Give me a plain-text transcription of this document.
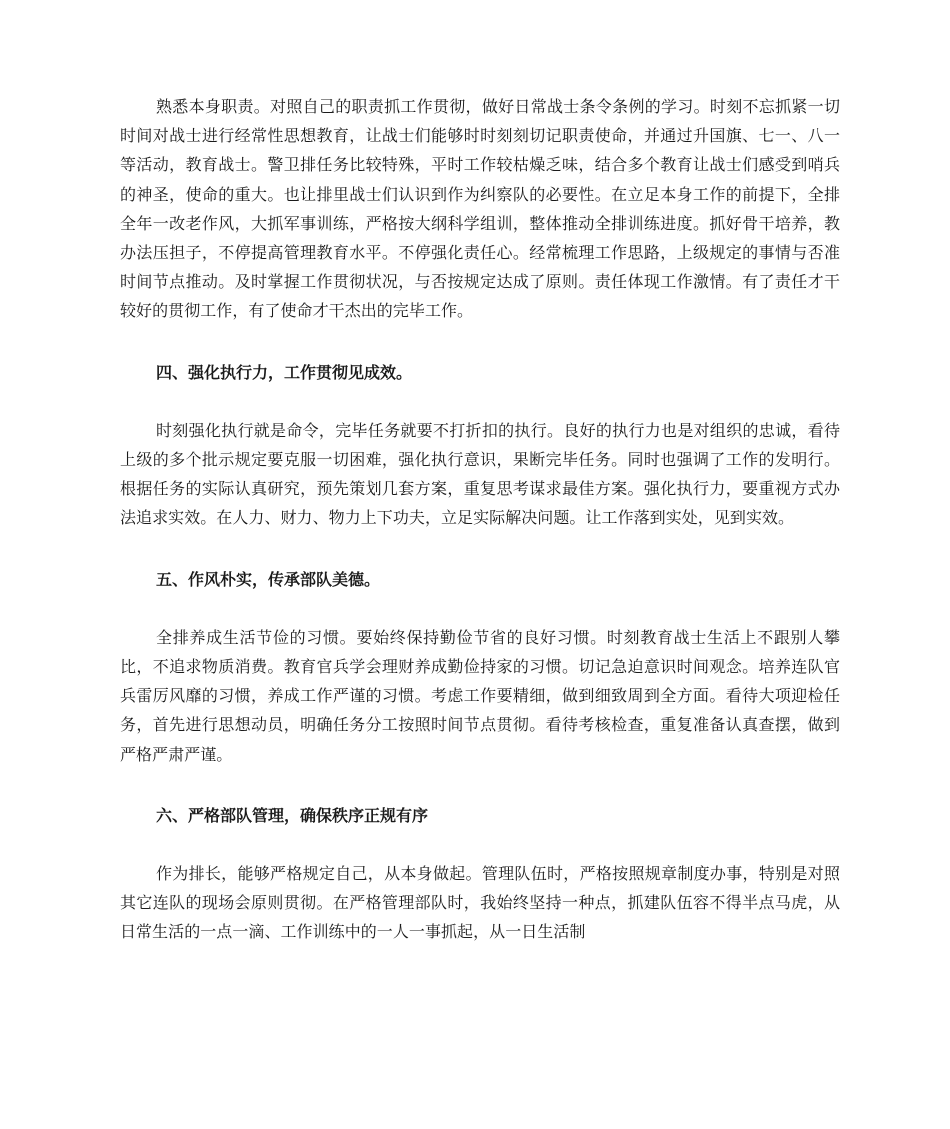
熟悉本身职责。对照自己的职责抓工作贯彻，做好日常战士条令条例的学习。时刻不忘抓紧一切时间对战士进行经常性思想教育，让战士们能够时时刻刻切记职责使命，并通过升国旗、七一、八一等活动，教育战士。警卫排任务比较特殊，平时工作较枯燥乏味，结合多个教育让战士们感受到哨兵的神圣，使命的重大。也让排里战士们认识到作为纠察队的必要性。在立足本身工作的前提下，全排全年一改老作风，大抓军事训练，严格按大纲科学组训，整体推动全排训练进度。抓好骨干培养，教办法压担子，不停提高管理教育水平。不停强化责任心。经常梳理工作思路，上级规定的事情与否准时间节点推动。及时掌握工作贯彻状况，与否按规定达成了原则。责任体现工作激情。有了责任才干较好的贯彻工作，有了使命才干杰出的完毕工作。

四、强化执行力，工作贯彻见成效。

时刻强化执行就是命令，完毕任务就要不打折扣的执行。良好的执行力也是对组织的忠诚，看待上级的多个批示规定要克服一切困难，强化执行意识，果断完毕任务。同时也强调了工作的发明行。根据任务的实际认真研究，预先策划几套方案，重复思考谋求最佳方案。强化执行力，要重视方式办法追求实效。在人力、财力、物力上下功夫，立足实际解决问题。让工作落到实处，见到实效。

五、作风朴实，传承部队美德。

全排养成生活节俭的习惯。要始终保持勤俭节省的良好习惯。时刻教育战士生活上不跟别人攀比，不追求物质消费。教育官兵学会理财养成勤俭持家的习惯。切记急迫意识时间观念。培养连队官兵雷厉风靡的习惯，养成工作严谨的习惯。考虑工作要精细，做到细致周到全方面。看待大项迎检任务，首先进行思想动员，明确任务分工按照时间节点贯彻。看待考核检查，重复准备认真查摆，做到严格严肃严谨。

六、严格部队管理，确保秩序正规有序

作为排长，能够严格规定自己，从本身做起。管理队伍时，严格按照规章制度办事，特别是对照其它连队的现场会原则贯彻。在严格管理部队时，我始终坚持一种点，抓建队伍容不得半点马虎，从日常生活的一点一滴、工作训练中的一人一事抓起，从一日生活制
